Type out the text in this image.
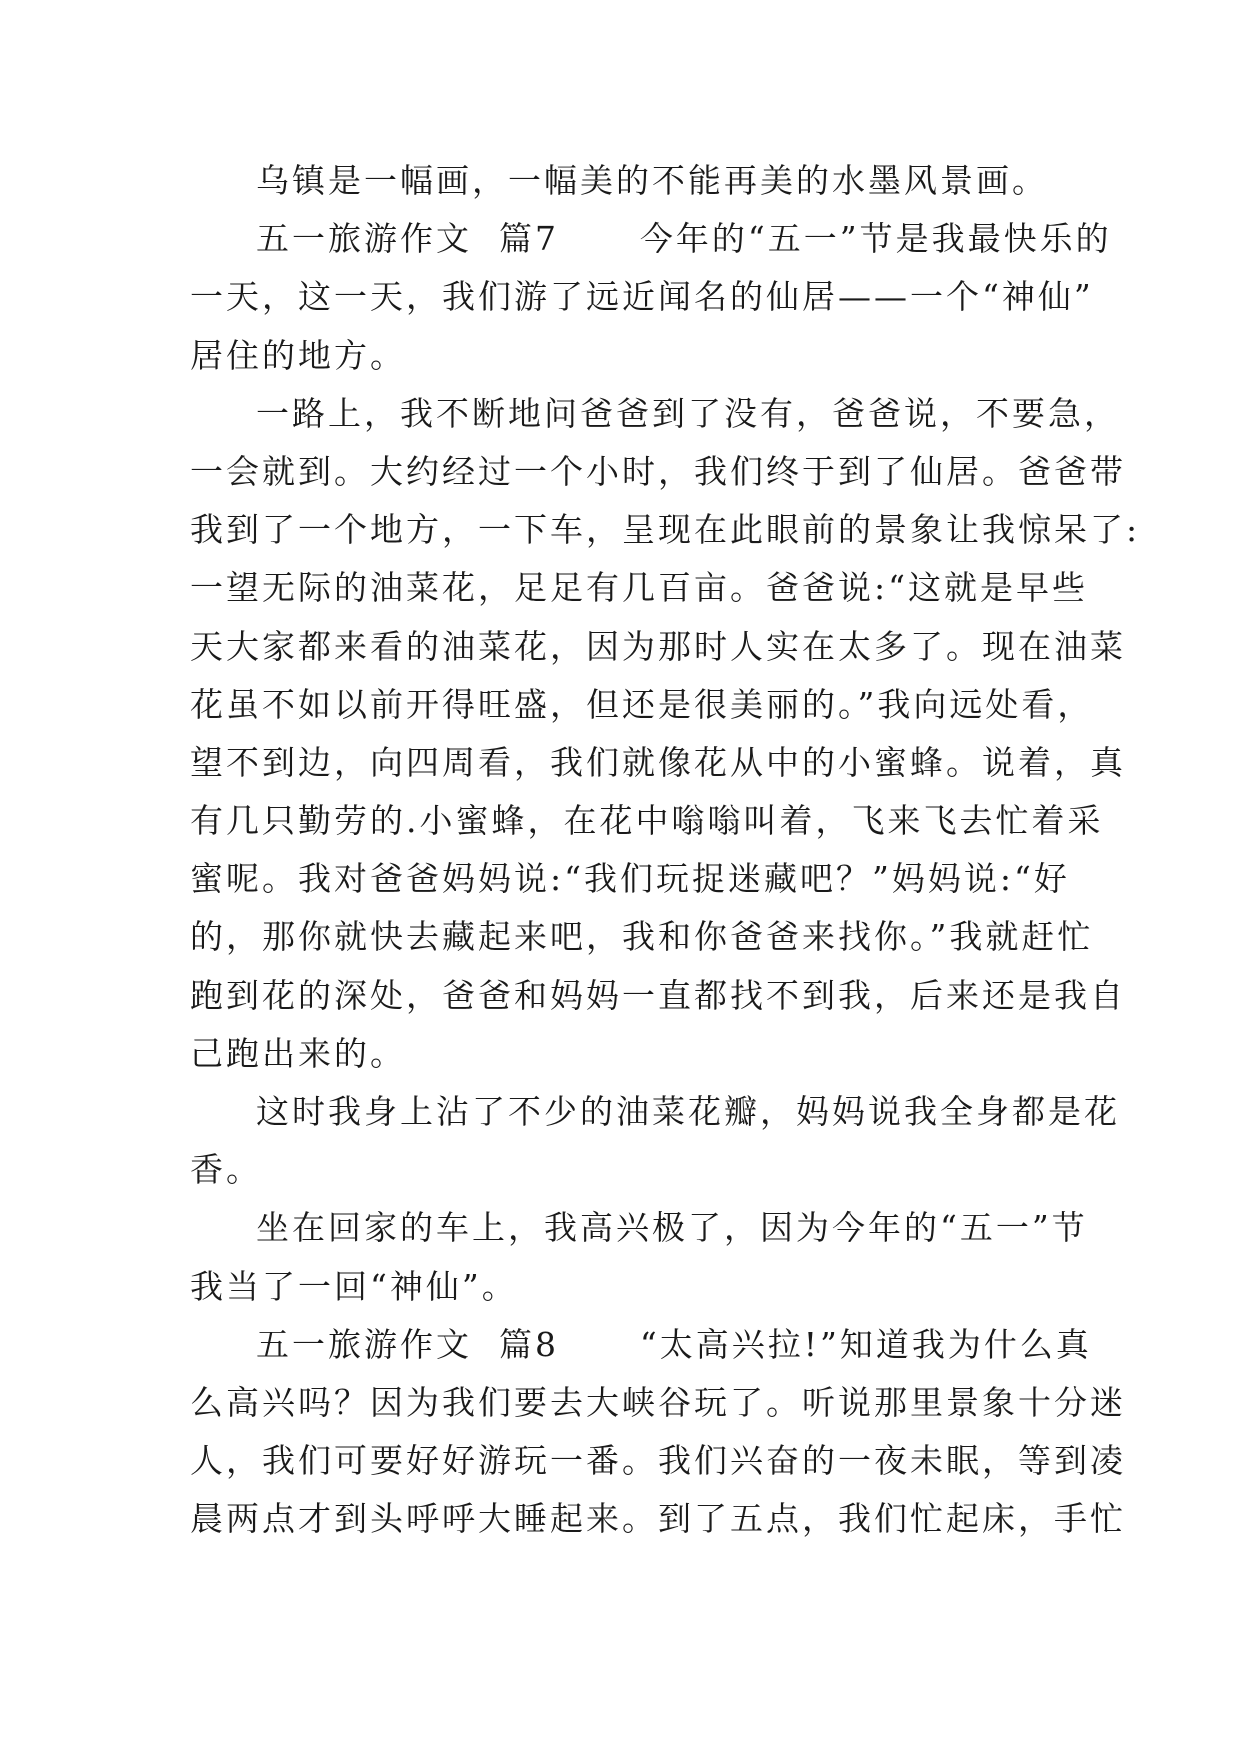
乌镇是一幅画，一幅美的不能再美的水墨风景画。
五一旅游作文  篇7      今年的“五一”节是我最快乐的
一天，这一天，我们游了远近闻名的仙居——一个“神仙”
居住的地方。
一路上，我不断地问爸爸到了没有，爸爸说，不要急，
一会就到。大约经过一个小时，我们终于到了仙居。爸爸带
我到了一个地方，一下车，呈现在此眼前的景象让我惊呆了:
一望无际的油菜花，足足有几百亩。爸爸说:“这就是早些
天大家都来看的油菜花，因为那时人实在太多了。现在油菜
花虽不如以前开得旺盛，但还是很美丽的。”我向远处看，
望不到边，向四周看，我们就像花从中的小蜜蜂。说着，真
有几只勤劳的.小蜜蜂，在花中嗡嗡叫着，飞来飞去忙着采
蜜呢。我对爸爸妈妈说:“我们玩捉迷藏吧？”妈妈说:“好
的，那你就快去藏起来吧，我和你爸爸来找你。”我就赶忙
跑到花的深处，爸爸和妈妈一直都找不到我，后来还是我自
己跑出来的。
这时我身上沾了不少的油菜花瓣，妈妈说我全身都是花
香。
坐在回家的车上，我高兴极了，因为今年的“五一”节
我当了一回“神仙”。
五一旅游作文  篇8      “太高兴拉!”知道我为什么真
么高兴吗？因为我们要去大峡谷玩了。听说那里景象十分迷
人，我们可要好好游玩一番。我们兴奋的一夜未眠，等到凌
晨两点才到头呼呼大睡起来。到了五点，我们忙起床，手忙
